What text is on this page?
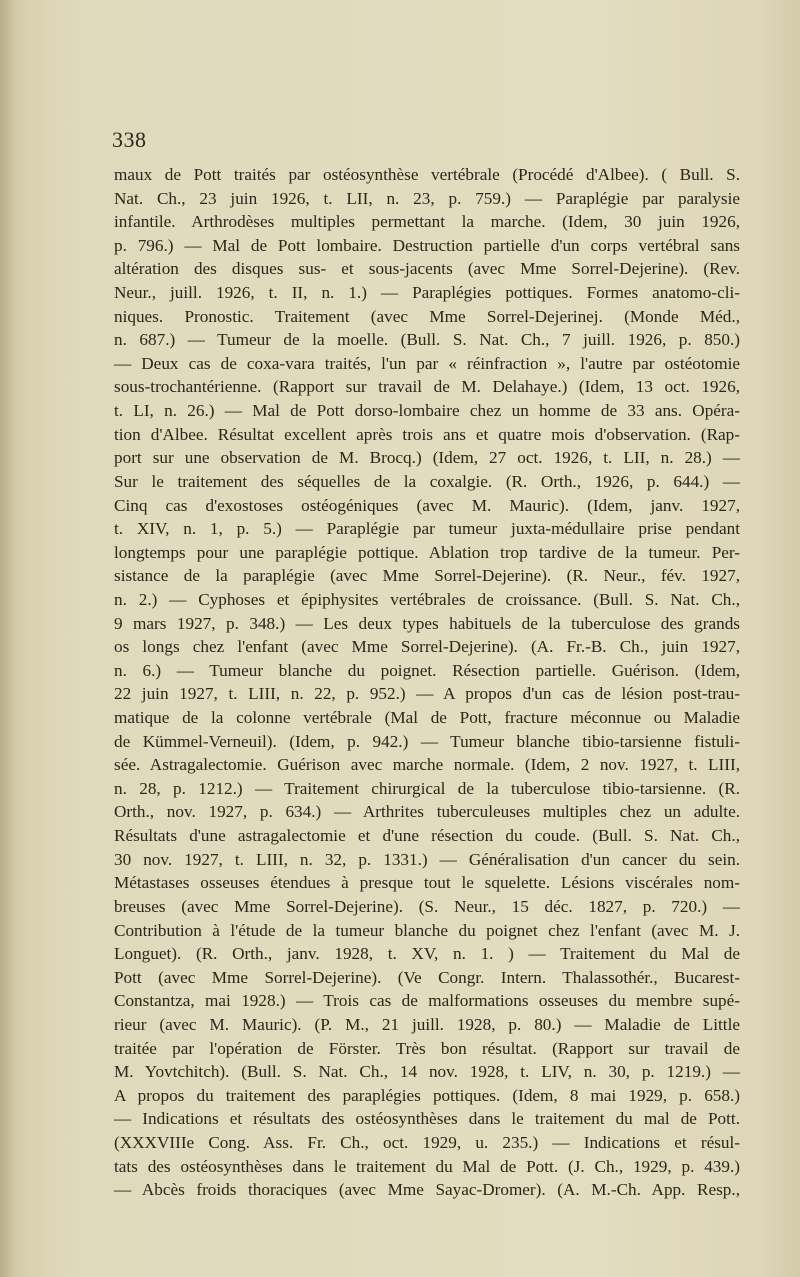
338
maux de Pott traités par ostéosynthèse vertébrale (Procédé d'Albee). ( Bull. S.
Nat. Ch., 23 juin 1926, t. LII, n. 23, p. 759.) — Paraplégie par paralysie
infantile. Arthrodèses multiples permettant la marche. (Idem, 30 juin 1926,
p. 796.) — Mal de Pott lombaire. Destruction partielle d'un corps vertébral sans
altération des disques sus- et sous-jacents (avec Mme Sorrel-Dejerine). (Rev.
Neur., juill. 1926, t. II, n. 1.) — Paraplégies pottiques. Formes anatomo-cli-
niques. Pronostic. Traitement (avec Mme Sorrel-Dejerinej. (Monde Méd.,
n. 687.) — Tumeur de la moelle. (Bull. S. Nat. Ch., 7 juill. 1926, p. 850.)
— Deux cas de coxa-vara traités, l'un par « réinfraction », l'autre par ostéotomie
sous-trochantérienne. (Rapport sur travail de M. Delahaye.) (Idem, 13 oct. 1926,
t. LI, n. 26.) — Mal de Pott dorso-lombaire chez un homme de 33 ans. Opéra-
tion d'Albee. Résultat excellent après trois ans et quatre mois d'observation. (Rap-
port sur une observation de M. Brocq.) (Idem, 27 oct. 1926, t. LII, n. 28.) —
Sur le traitement des séquelles de la coxalgie. (R. Orth., 1926, p. 644.) —
Cinq cas d'exostoses ostéogéniques (avec M. Mauric). (Idem, janv. 1927,
t. XIV, n. 1, p. 5.) — Paraplégie par tumeur juxta-médullaire prise pendant
longtemps pour une paraplégie pottique. Ablation trop tardive de la tumeur. Per-
sistance de la paraplégie (avec Mme Sorrel-Dejerine). (R. Neur., fév. 1927,
n. 2.) — Cyphoses et épiphysites vertébrales de croissance. (Bull. S. Nat. Ch.,
9 mars 1927, p. 348.) — Les deux types habituels de la tuberculose des grands
os longs chez l'enfant (avec Mme Sorrel-Dejerine). (A. Fr.-B. Ch., juin 1927,
n. 6.) — Tumeur blanche du poignet. Résection partielle. Guérison. (Idem,
22 juin 1927, t. LIII, n. 22, p. 952.) — A propos d'un cas de lésion post-trau-
matique de la colonne vertébrale (Mal de Pott, fracture méconnue ou Maladie
de Kümmel-Verneuil). (Idem, p. 942.) — Tumeur blanche tibio-tarsienne fistuli-
sée. Astragalectomie. Guérison avec marche normale. (Idem, 2 nov. 1927, t. LIII,
n. 28, p. 1212.) — Traitement chirurgical de la tuberculose tibio-tarsienne. (R.
Orth., nov. 1927, p. 634.) — Arthrites tuberculeuses multiples chez un adulte.
Résultats d'une astragalectomie et d'une résection du coude. (Bull. S. Nat. Ch.,
30 nov. 1927, t. LIII, n. 32, p. 1331.) — Généralisation d'un cancer du sein.
Métastases osseuses étendues à presque tout le squelette. Lésions viscérales nom-
breuses (avec Mme Sorrel-Dejerine). (S. Neur., 15 déc. 1827, p. 720.) —
Contribution à l'étude de la tumeur blanche du poignet chez l'enfant (avec M. J.
Longuet). (R. Orth., janv. 1928, t. XV, n. 1. ) — Traitement du Mal de
Pott (avec Mme Sorrel-Dejerine). (Ve Congr. Intern. Thalassothér., Bucarest-
Constantza, mai 1928.) — Trois cas de malformations osseuses du membre supé-
rieur (avec M. Mauric). (P. M., 21 juill. 1928, p. 80.) — Maladie de Little
traitée par l'opération de Förster. Très bon résultat. (Rapport sur travail de
M. Yovtchitch). (Bull. S. Nat. Ch., 14 nov. 1928, t. LIV, n. 30, p. 1219.) —
A propos du traitement des paraplégies pottiques. (Idem, 8 mai 1929, p. 658.)
— Indications et résultats des ostéosynthèses dans le traitement du mal de Pott.
(XXXVIIIe Cong. Ass. Fr. Ch., oct. 1929, u. 235.) — Indications et résul-
tats des ostéosynthèses dans le traitement du Mal de Pott. (J. Ch., 1929, p. 439.)
— Abcès froids thoraciques (avec Mme Sayac-Dromer). (A. M.-Ch. App. Resp.,
